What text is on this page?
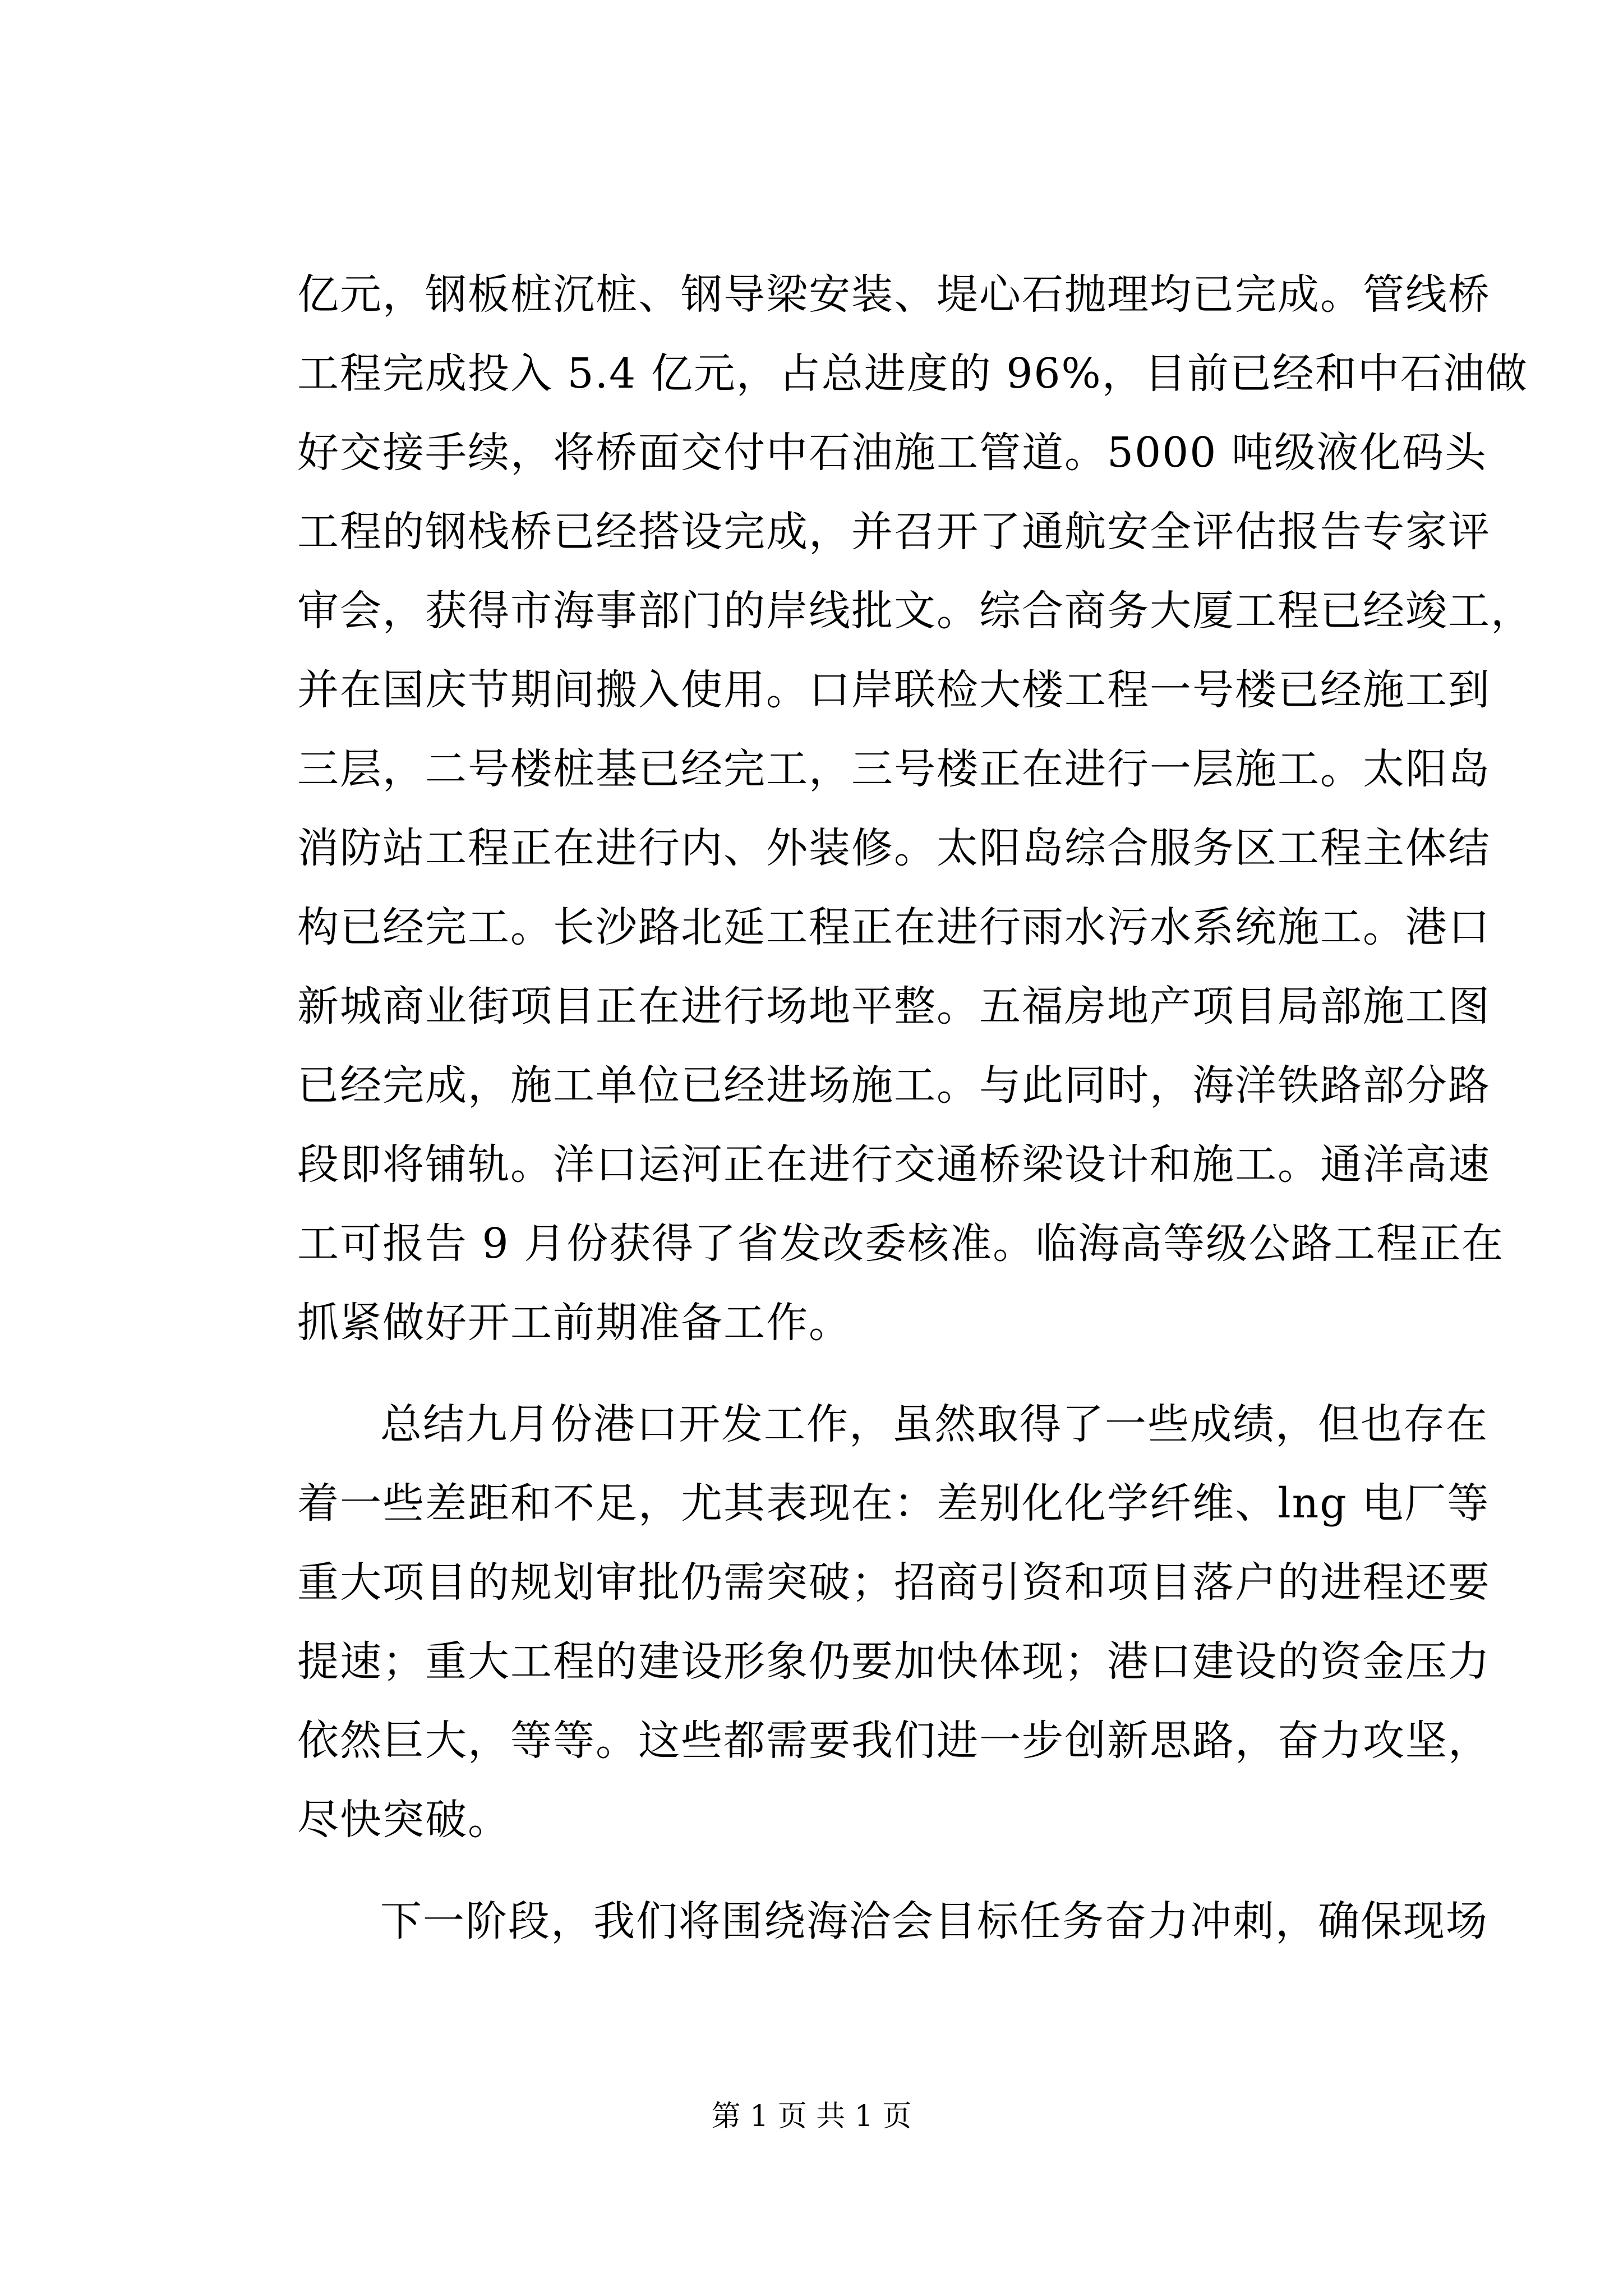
亿元，钢板桩沉桩、钢导梁安装、堤心石抛理均已完成。管线桥
工程完成投入 5.4 亿元，占总进度的 96%，目前已经和中石油做
好交接手续，将桥面交付中石油施工管道。5000 吨级液化码头
工程的钢栈桥已经搭设完成，并召开了通航安全评估报告专家评
审会，获得市海事部门的岸线批文。综合商务大厦工程已经竣工，
并在国庆节期间搬入使用。口岸联检大楼工程一号楼已经施工到
三层，二号楼桩基已经完工，三号楼正在进行一层施工。太阳岛
消防站工程正在进行内、外装修。太阳岛综合服务区工程主体结
构已经完工。长沙路北延工程正在进行雨水污水系统施工。港口
新城商业街项目正在进行场地平整。五福房地产项目局部施工图
已经完成，施工单位已经进场施工。与此同时，海洋铁路部分路
段即将铺轨。洋口运河正在进行交通桥梁设计和施工。通洋高速
工可报告 9 月份获得了省发改委核准。临海高等级公路工程正在
抓紧做好开工前期准备工作。
总结九月份港口开发工作，虽然取得了一些成绩，但也存在
着一些差距和不足，尤其表现在：差别化化学纤维、lng 电厂等
重大项目的规划审批仍需突破；招商引资和项目落户的进程还要
提速；重大工程的建设形象仍要加快体现；港口建设的资金压力
依然巨大，等等。这些都需要我们进一步创新思路，奋力攻坚，
尽快突破。
下一阶段，我们将围绕海洽会目标任务奋力冲刺，确保现场
第 1 页 共 1 页
